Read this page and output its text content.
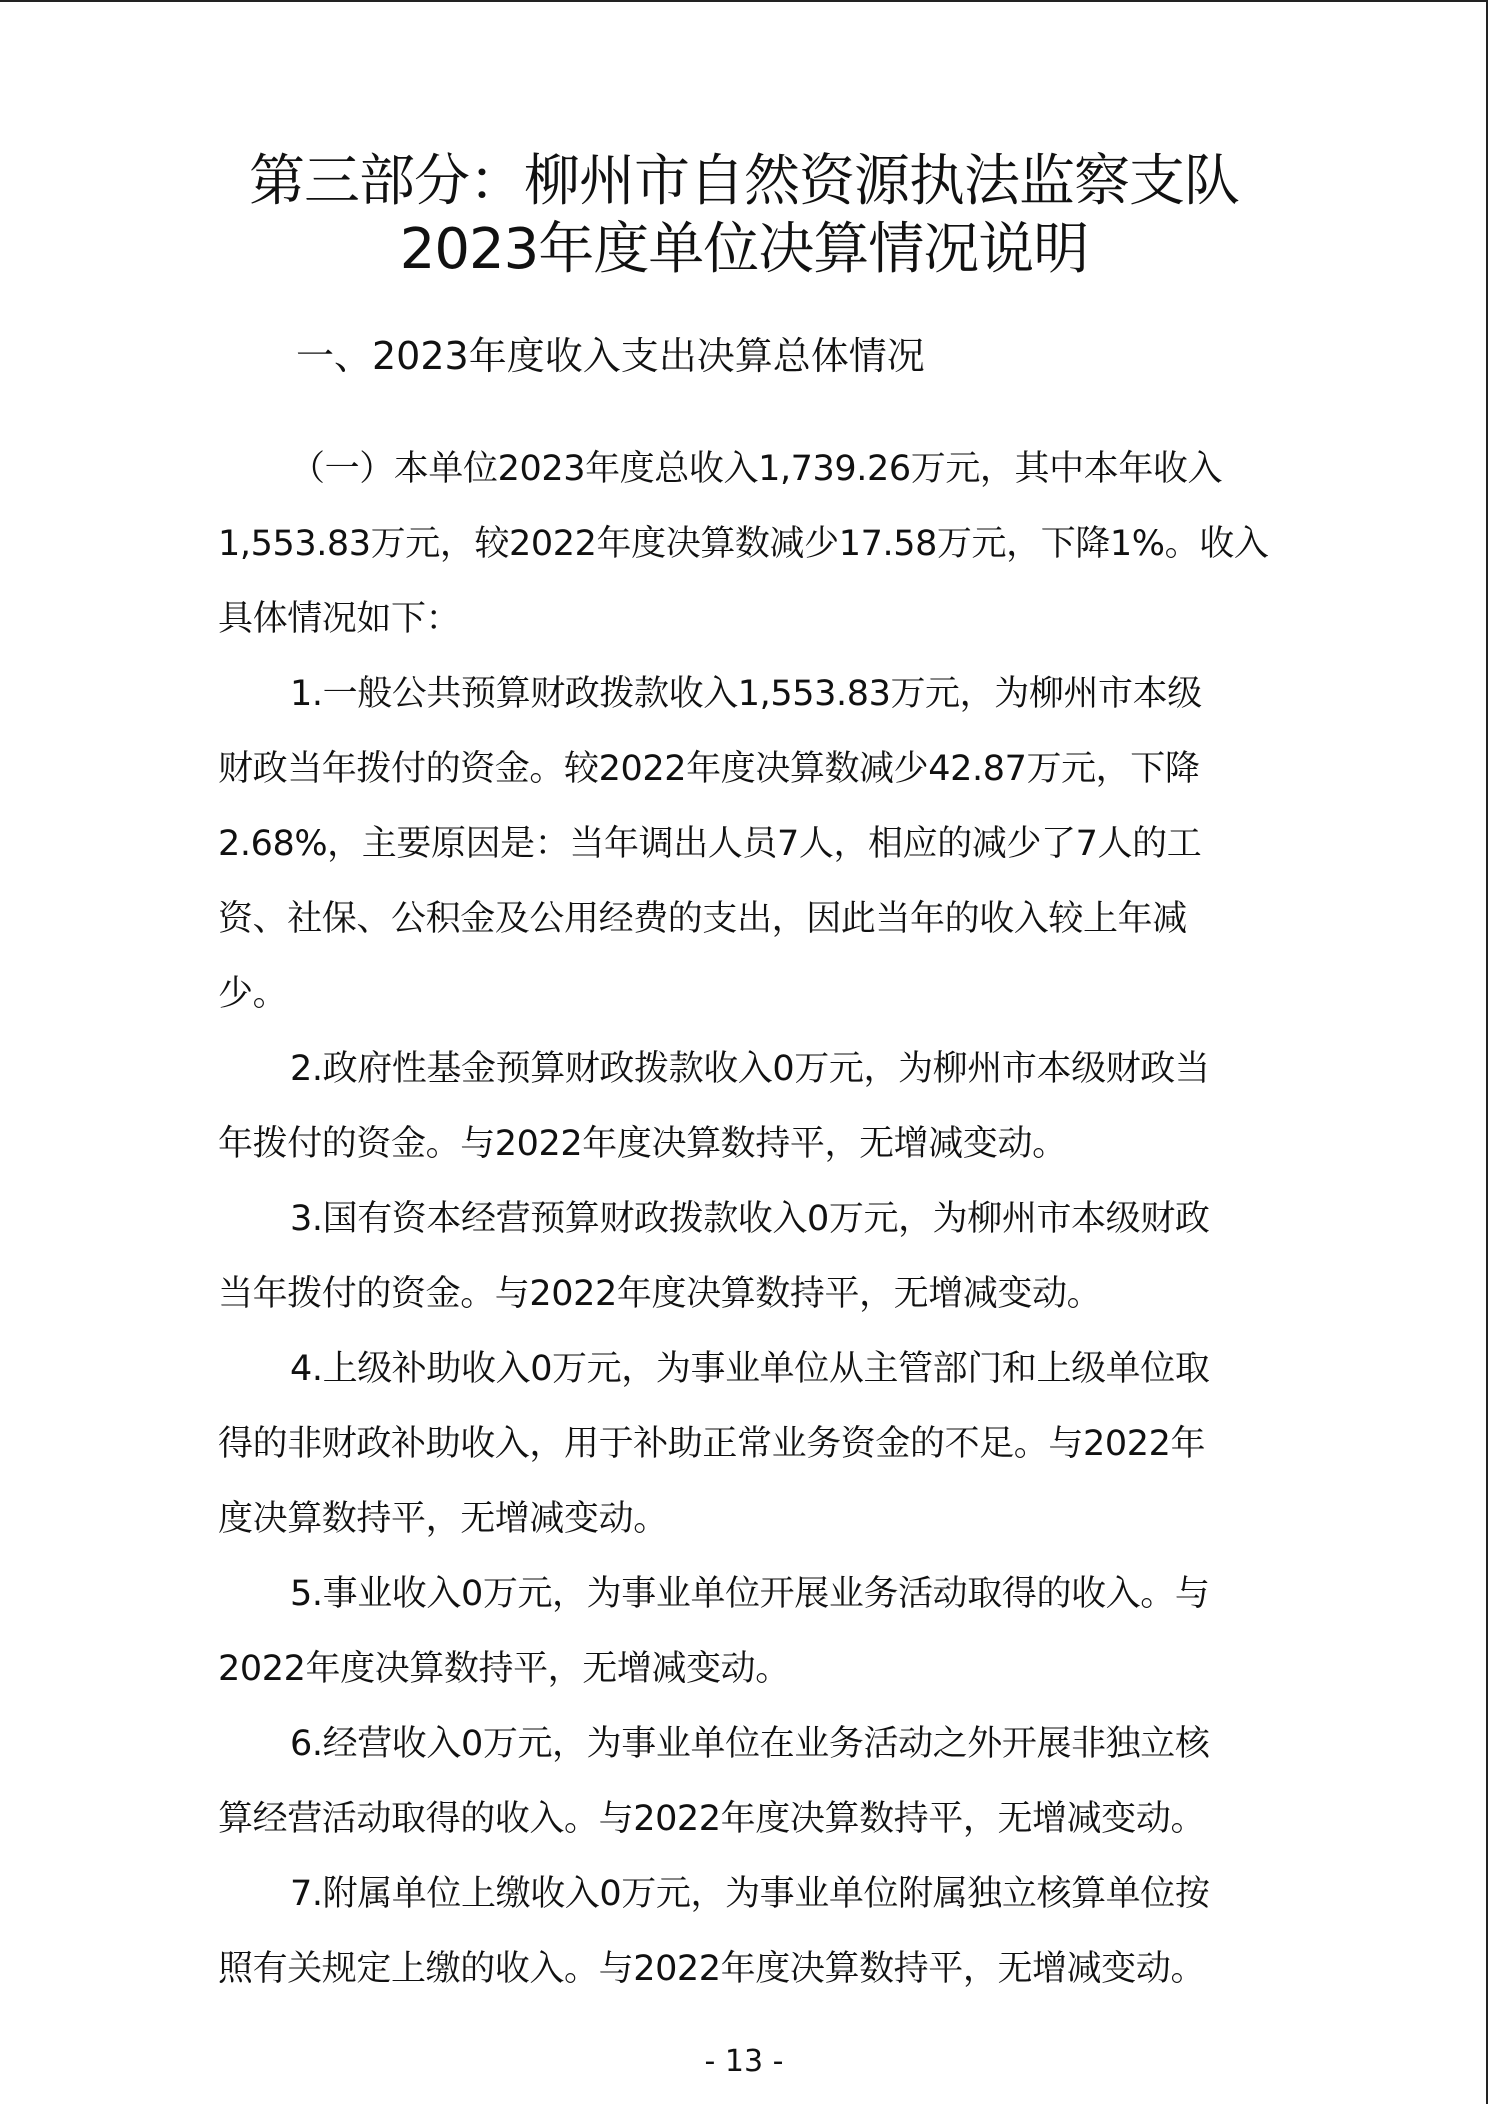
第三部分：柳州市自然资源执法监察支队
2023年度单位决算情况说明
一、2023年度收入支出决算总体情况

（一）本单位2023年度总收入1,739.26万元，其中本年收入
1,553.83万元，较2022年度决算数减少17.58万元，下降1%。收入
具体情况如下：

1.一般公共预算财政拨款收入1,553.83万元，为柳州市本级
财政当年拨付的资金。较2022年度决算数减少42.87万元，下降
2.68%，主要原因是：当年调出人员7人，相应的减少了7人的工
资、社保、公积金及公用经费的支出，因此当年的收入较上年减
少。

2.政府性基金预算财政拨款收入0万元，为柳州市本级财政当
年拨付的资金。与2022年度决算数持平，无增减变动。

3.国有资本经营预算财政拨款收入0万元，为柳州市本级财政
当年拨付的资金。与2022年度决算数持平，无增减变动。

4.上级补助收入0万元，为事业单位从主管部门和上级单位取
得的非财政补助收入，用于补助正常业务资金的不足。与2022年
度决算数持平，无增减变动。

5.事业收入0万元，为事业单位开展业务活动取得的收入。与
2022年度决算数持平，无增减变动。

6.经营收入0万元，为事业单位在业务活动之外开展非独立核
算经营活动取得的收入。与2022年度决算数持平，无增减变动。

7.附属单位上缴收入0万元，为事业单位附属独立核算单位按
照有关规定上缴的收入。与2022年度决算数持平，无增减变动。

- 13 -
